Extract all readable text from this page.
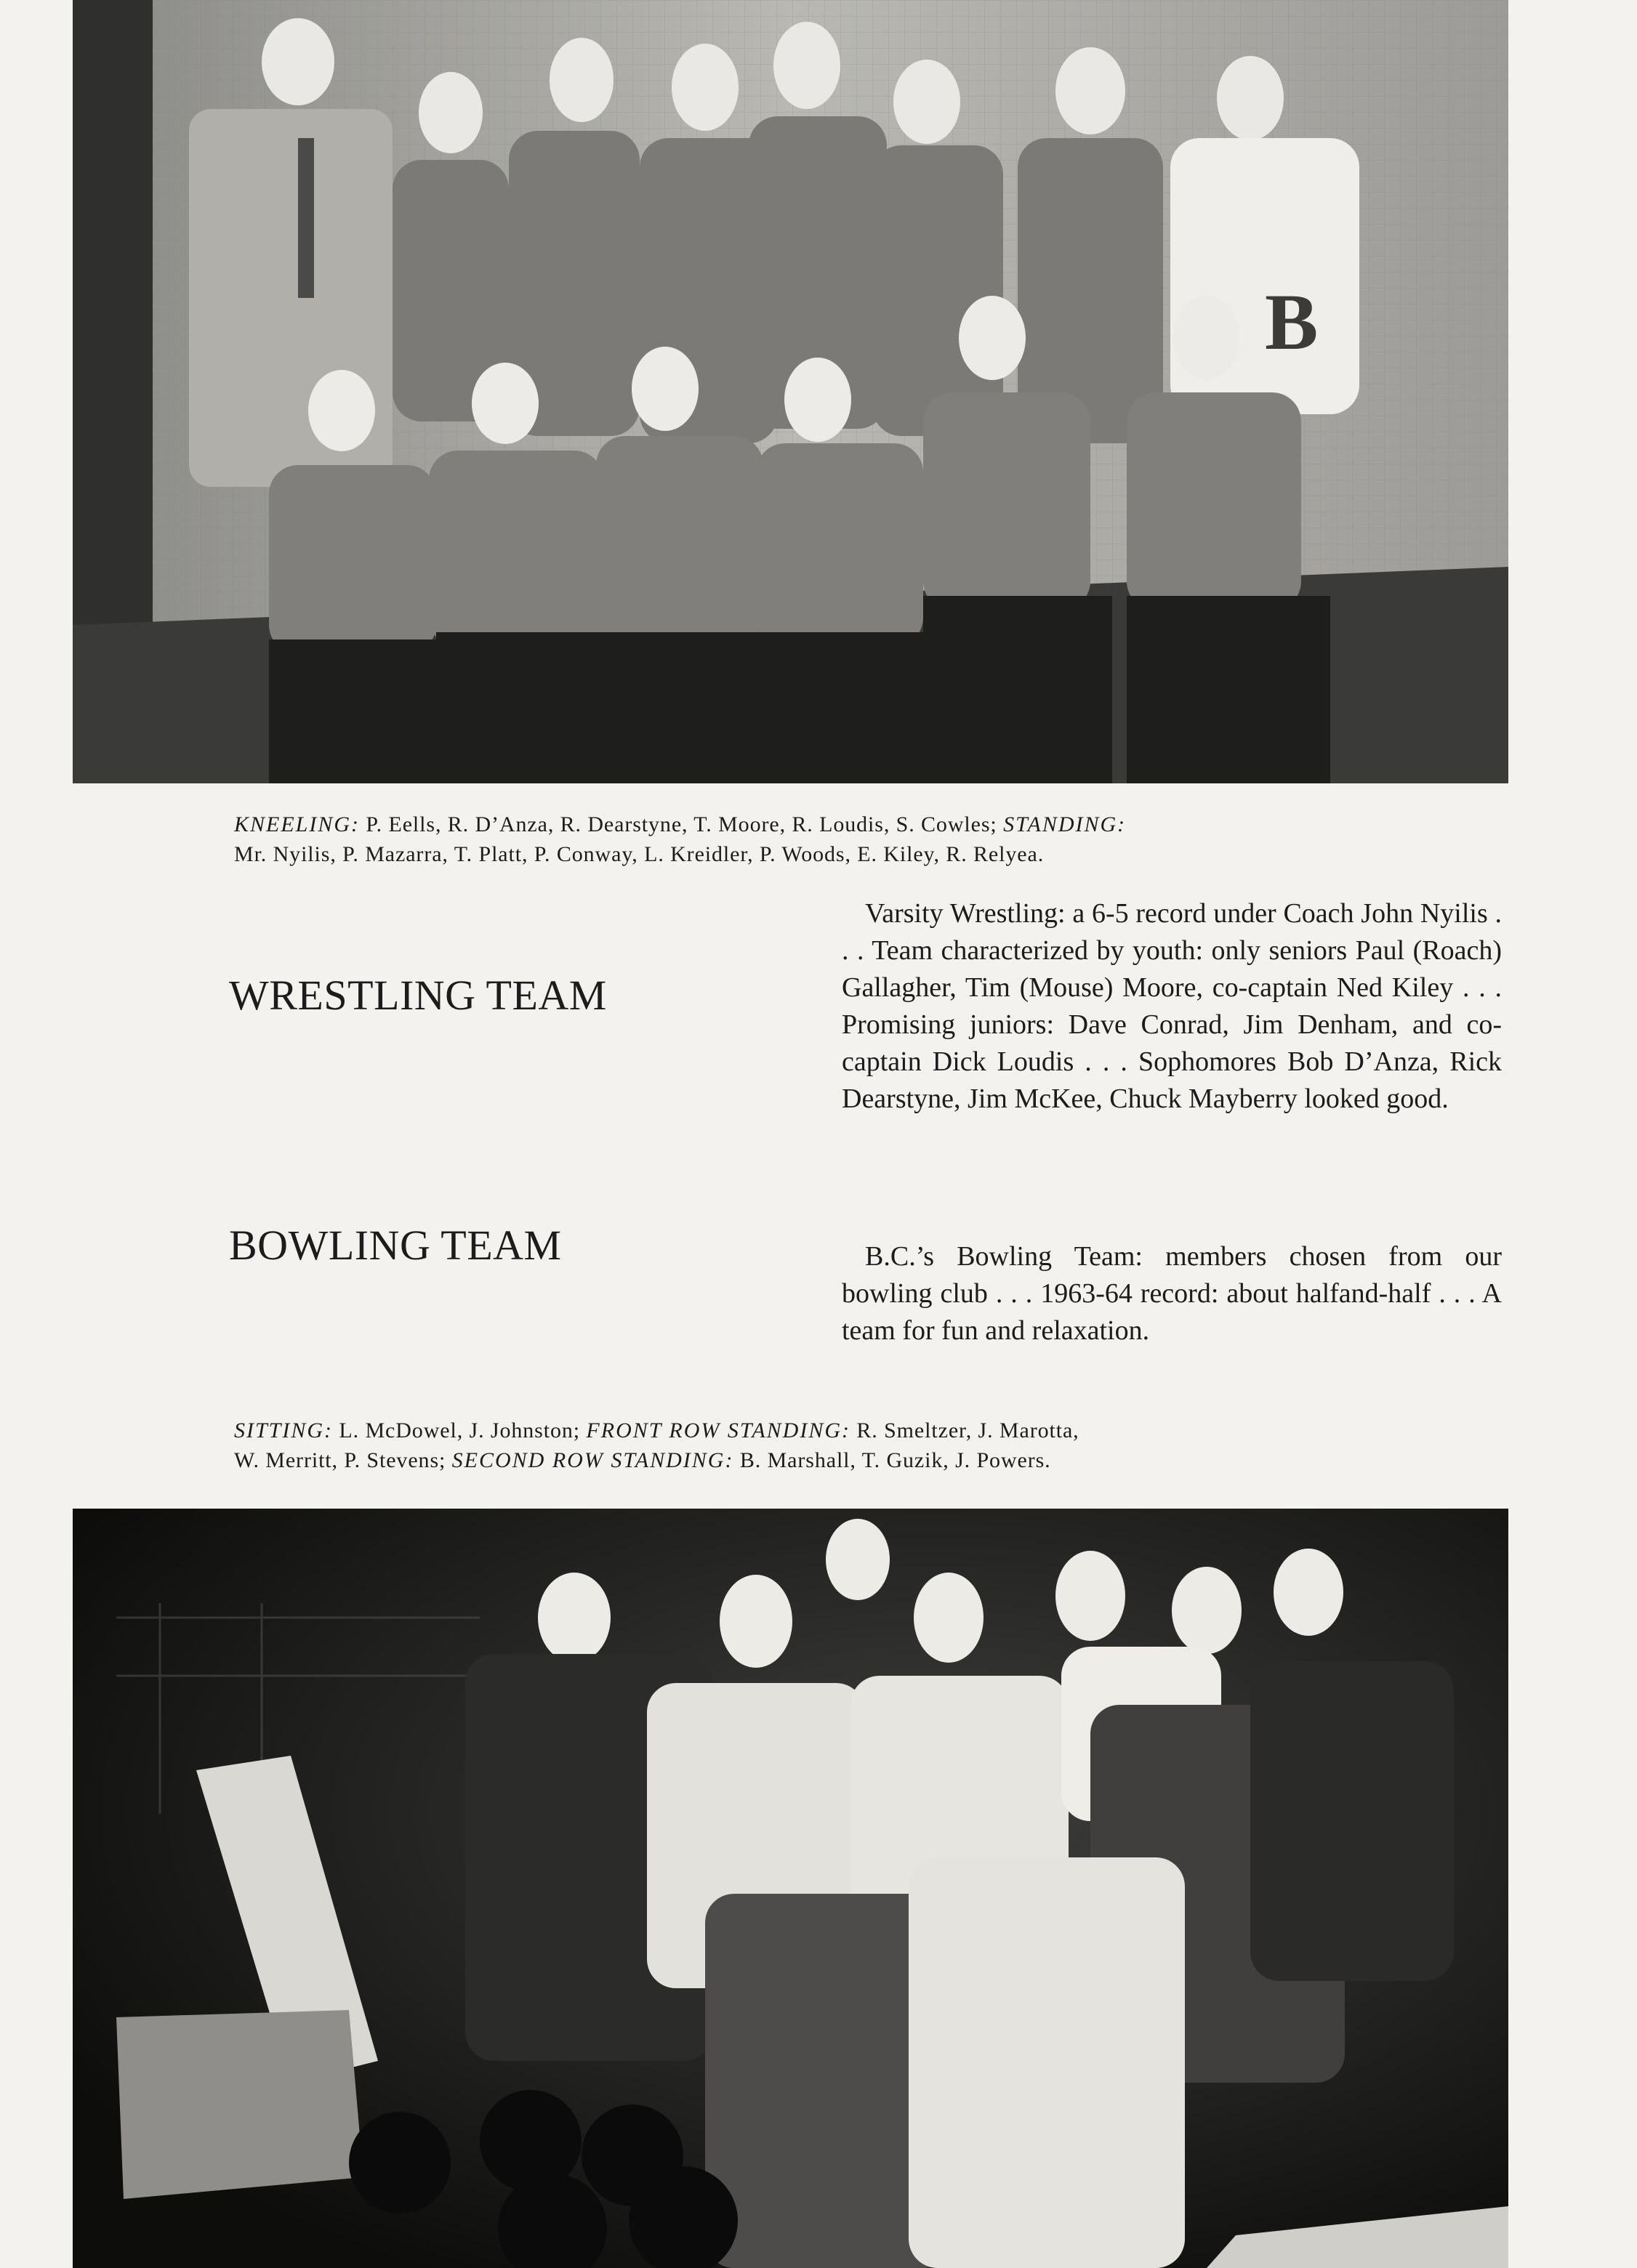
B
KNEELING: P. Eells, R. D’Anza, R. Dearstyne, T. Moore, R. Loudis, S. Cowles; STANDING:
Mr. Nyilis, P. Mazarra, T. Platt, P. Conway, L. Kreidler, P. Woods, E. Kiley, R. Relyea.
WRESTLING TEAM

Varsity Wrestling: a 6-5 record under Coach John Nyilis . . . Team characterized by youth: only seniors Paul (Roach) Gallagher, Tim (Mouse) Moore, co-captain Ned Kiley . . . Promising juniors: Dave Conrad, Jim Denham, and cocaptain Dick Loudis . . . Sophomores Bob D’Anza, Rick Dearstyne, Jim McKee, Chuck Mayberry looked good.

BOWLING TEAM	B.C.’s Bowling Team: members chosen from our bowling club . . . 1963-64 record: about halfand-half . . . A team for fun and relaxation.

SITTING: L. McDowel, J. Johnston; FRONT ROW STANDING: R. Smeltzer, J. Marotta,
W. Merritt, P. Stevens; SECOND ROW STANDING: B. Marshall, T. Guzik, J. Powers.
